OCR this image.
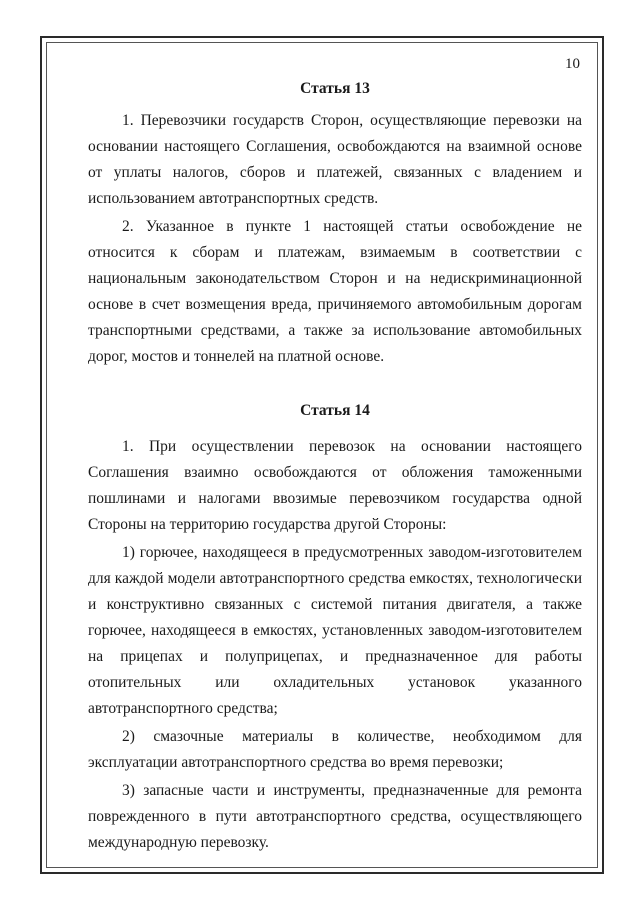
10
Статья 13

1. Перевозчики государств Сторон, осуществляющие перевозки на основании настоящего Соглашения, освобождаются на взаимной основе от уплаты налогов, сборов и платежей, связанных с владением и использованием автотранспортных средств.

2. Указанное в пункте 1 настоящей статьи освобождение не относится к сборам и платежам, взимаемым в соответствии с национальным законодательством Сторон и на недискриминационной основе в счет возмещения вреда, причиняемого автомобильным дорогам транспортными средствами, а также за использование автомобильных дорог, мостов и тоннелей на платной основе.

Статья 14

1. При осуществлении перевозок на основании настоящего Соглашения взаимно освобождаются от обложения таможенными пошлинами и налогами ввозимые перевозчиком государства одной Стороны на территорию государства другой Стороны:

1) горючее, находящееся в предусмотренных заводом-изготовителем для каждой модели автотранспортного средства емкостях, технологически и конструктивно связанных с системой питания двигателя, а также горючее, находящееся в емкостях, установленных заводом-изготовителем на прицепах и полуприцепах, и предназначенное для работы отопительных или охладительных установок указанного автотранспортного средства;

2) смазочные материалы в количестве, необходимом для эксплуатации автотранспортного средства во время перевозки;

3) запасные части и инструменты, предназначенные для ремонта поврежденного в пути автотранспортного средства, осуществляющего международную перевозку.
